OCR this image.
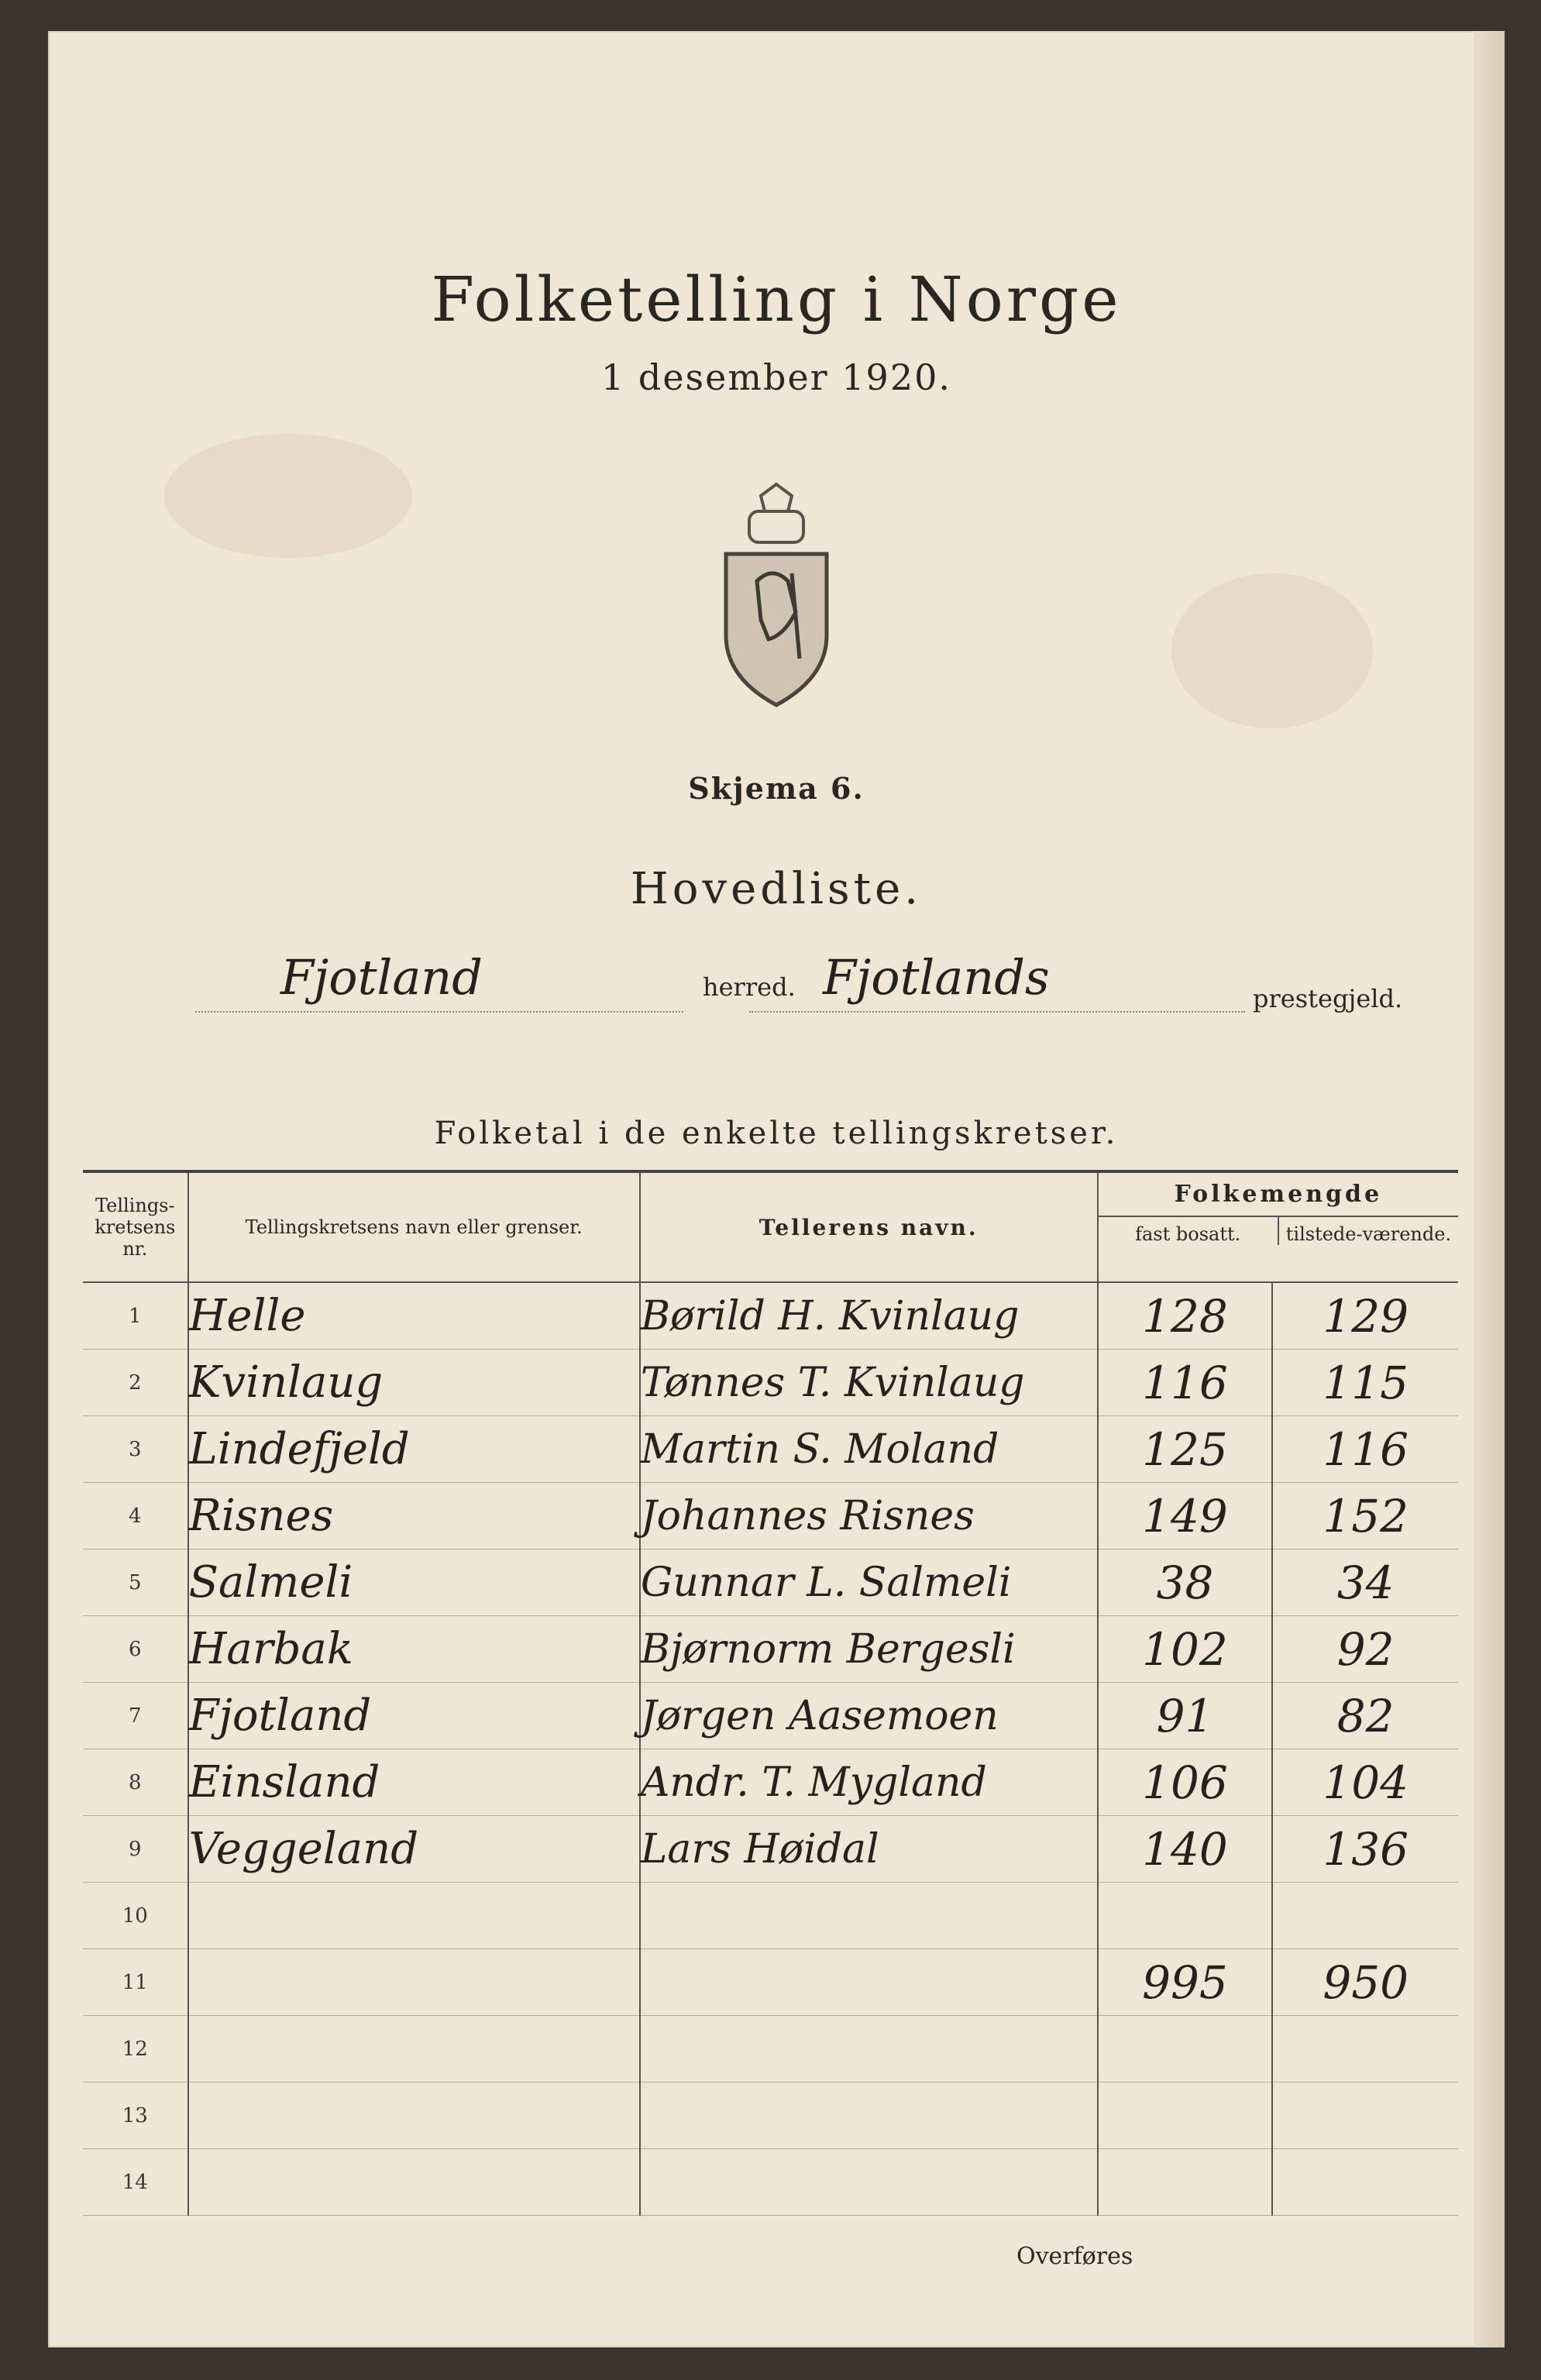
Folketelling i Norge
1 desember 1920.
Skjema 6.
Hovedliste.
Fjotland	herred. Fjotlands	prestegjeld.
Folketal i de enkelte tellingskretser.
Tellings-kretsens nr.	Tellingskretsens navn eller grenser.	Tellerens navn.	Folkemengde
fast bosatt. tilstede-værende.	

1	Helle	Børild H. Kvinlaug	128	129
2	Kvinlaug	Tønnes T. Kvinlaug	116	115
3	Lindefjeld	Martin S. Moland	125	116
4	Risnes	Johannes Risnes	149	152
5	Salmeli	Gunnar L. Salmeli	38	34
6	Harbak	Bjørnorm Bergesli	102	92
7	Fjotland	Jørgen Aasemoen	91	82
8	Einsland	Andr. T. Mygland	106	104
9	Veggeland	Lars Høidal	140	136
10				
11			995	950
12				
13				
14				
Overføres
